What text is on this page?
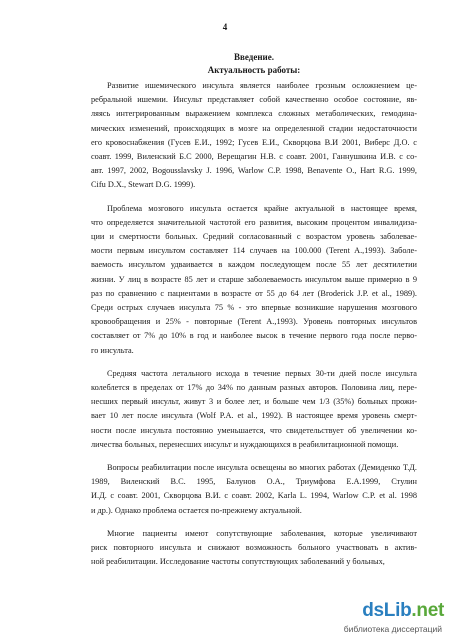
4
Введение.
Актуальность работы:
Развитие ишемического инсульта является наиболее грозным осложнением це-
ребральной ишемии. Инсульт представляет собой качественно особое состояние, яв-
ляясь интегрированным выражением комплекса сложных метаболических, гемодина-
мических изменений, происходящих в мозге на определенной стадии недостаточности
его кровоснабжения (Гусев Е.И., 1992; Гусев Е.И., Скворцова В.И 2001, Виберс Д.О. с
соавт. 1999, Виленский Б.С 2000, Верещагин Н.В. с соавт. 2001, Ганнушкина И.В. с со-
авт. 1997, 2002, Bogousslavsky J. 1996, Warlow C.P. 1998, Benavente O., Hart R.G. 1999,
Cifu D.X., Stewart D.G. 1999).
Проблема мозгового инсульта остается крайне актуальной в настоящее время,
что определяется значительной частотой его развития, высоким процентом инвалидиза-
ции и смертности больных. Средний согласованный с возрастом уровень заболевае-
мости первым инсультом составляет 114 случаев на 100.000 (Terent A.,1993). Заболе-
ваемость инсультом удваивается в каждом последующем после 55 лет десятилетии
жизни. У лиц в возрасте 85 лет и старше заболеваемость инсультом выше примерно в 9
раз по сравнению с пациентами в возрасте от 55 до 64 лет (Broderick J.P. et al., 1989).
Среди острых случаев инсульта 75 % - это впервые возникшие нарушения мозгового
кровообращения и 25% - повторные (Terent A.,1993). Уровень повторных инсультов
составляет от 7% до 10% в год и наиболее высок в течение первого года после перво-
го инсульта.
Средняя частота летального исхода в течение первых 30-ти дней после инсульта
колеблется в пределах от 17% до 34% по данным разных авторов. Половина лиц, пере-
несших первый инсульт, живут 3 и более лет, и больше чем 1/3 (35%) больных прожи-
вает 10 лет после инсульта (Wolf P.A. et al., 1992). В настоящее время уровень смерт-
ности после инсульта постоянно уменьшается, что свидетельствует об увеличении ко-
личества больных, перенесших инсульт и нуждающихся в реабилитационной помощи.
Вопросы реабилитации после инсульта освещены во многих работах (Демиденко Т.Д.
1989, Виленский В.С. 1995, Балунов О.А., Триумфова Е.А.1999, Стулин
И.Д. с соавт. 2001, Скворцова В.И. с соавт. 2002, Karla L. 1994, Warlow C.P. et al. 1998
и др.). Однако проблема остается по-прежнему актуальной.
Многие пациенты имеют сопутствующие заболевания, которые увеличивают
риск повторного инсульта и снижают возможность больного участвовать в актив-
ной реабилитации. Исследование частоты сопутствующих заболеваний у больных,
dsLib.net
библиотека диссертаций
